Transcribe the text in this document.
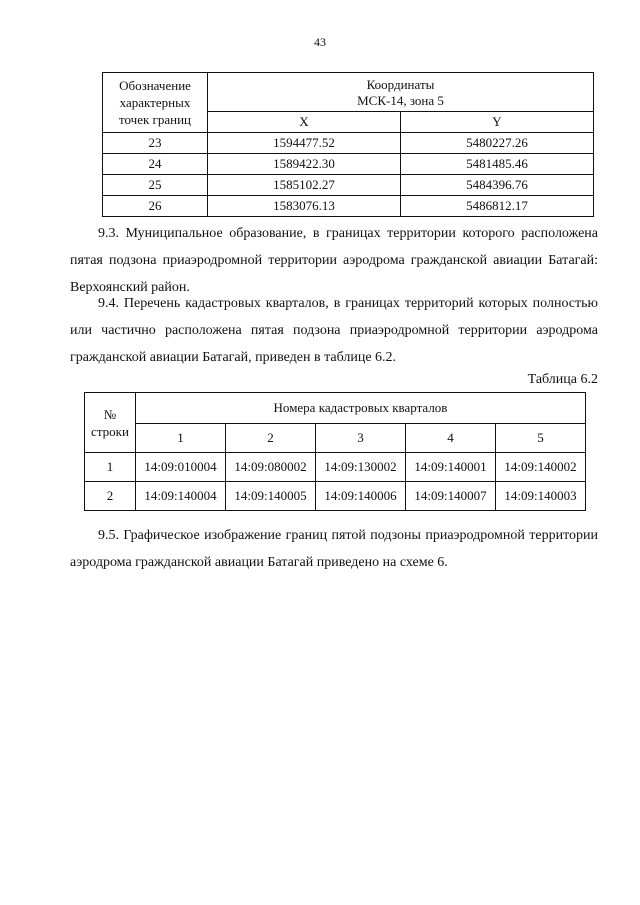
43
Обозначение
характерных
точек границ	Координаты
МСК-14, зона 5	
	X	Y
23	1594477.52	5480227.26
24	1589422.30	5481485.46
25	1585102.27	5484396.76
26	1583076.13	5486812.17

9.3. Муниципальное образование, в границах территории которого расположена пятая подзона приаэродромной территории аэродрома гражданской авиации Батагай: Верхоянский район.

9.4. Перечень кадастровых кварталов, в границах территорий которых полностью или частично расположена пятая подзона приаэродромной территории аэродрома гражданской авиации Батагай, приведен в таблице 6.2.

Таблица 6.2
№
строки	Номера кадастровых кварталов				
	1	2	3	4	5
1	14:09:010004	14:09:080002	14:09:130002	14:09:140001	14:09:140002
2	14:09:140004	14:09:140005	14:09:140006	14:09:140007	14:09:140003

9.5. Графическое изображение границ пятой подзоны приаэродромной территории аэродрома гражданской авиации Батагай приведено на схеме 6.
